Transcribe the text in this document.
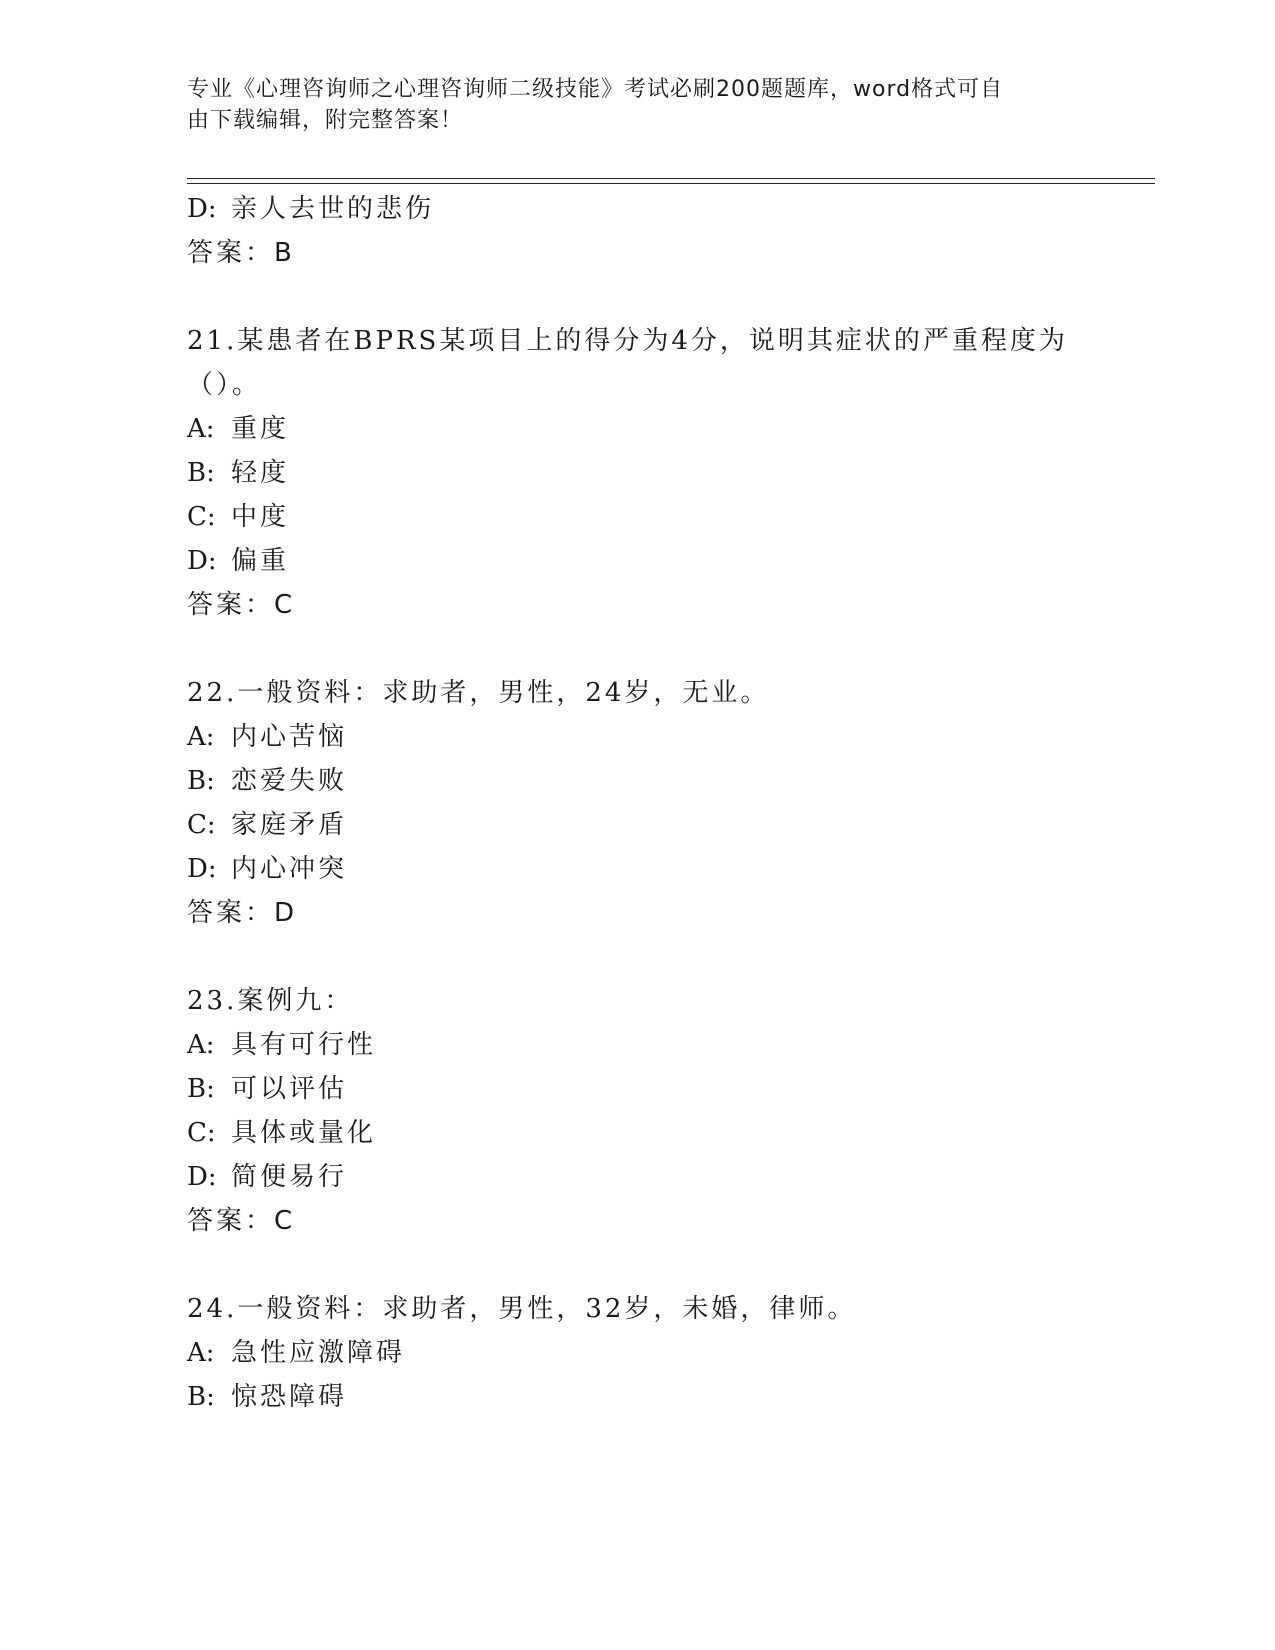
专业《心理咨询师之心理咨询师二级技能》考试必刷200题题库，word格式可自
由下载编辑，附完整答案！
D: 亲人去世的悲伤
答案：B
21.某患者在BPRS某项目上的得分为4分，说明其症状的严重程度为
（）。
A: 重度
B: 轻度
C: 中度
D: 偏重
答案：C
22.一般资料：求助者，男性，24岁，无业。
A: 内心苦恼
B: 恋爱失败
C: 家庭矛盾
D: 内心冲突
答案：D
23.案例九：
A: 具有可行性
B: 可以评估
C: 具体或量化
D: 简便易行
答案：C
24.一般资料：求助者，男性，32岁，未婚，律师。
A: 急性应激障碍
B: 惊恐障碍
